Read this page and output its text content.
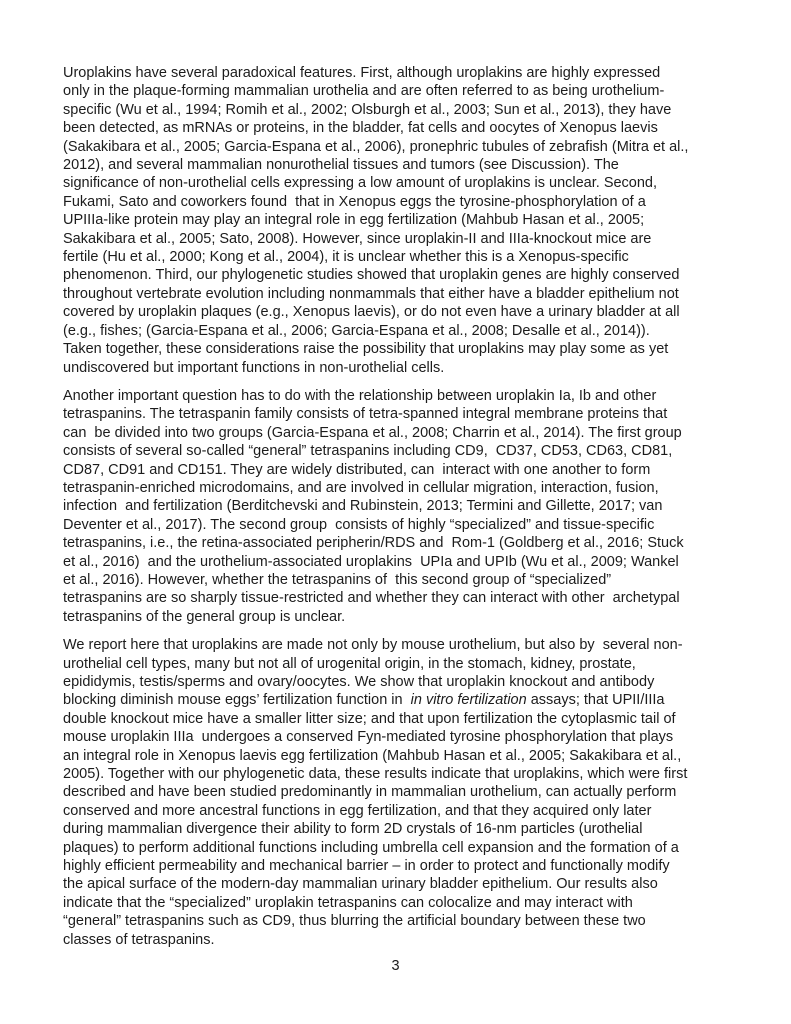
Uroplakins have several paradoxical features. First, although uroplakins are highly expressed
only in the plaque-forming mammalian urothelia and are often referred to as being urothelium-
specific (Wu et al., 1994; Romih et al., 2002; Olsburgh et al., 2003; Sun et al., 2013), they have
been detected, as mRNAs or proteins, in the bladder, fat cells and oocytes of Xenopus laevis
(Sakakibara et al., 2005; Garcia-Espana et al., 2006), pronephric tubules of zebrafish (Mitra et al.,
2012), and several mammalian nonurothelial tissues and tumors (see Discussion). The
significance of non-urothelial cells expressing a low amount of uroplakins is unclear. Second,
Fukami, Sato and coworkers found  that in Xenopus eggs the tyrosine-phosphorylation of a
UPIIIa-like protein may play an integral role in egg fertilization (Mahbub Hasan et al., 2005;
Sakakibara et al., 2005; Sato, 2008). However, since uroplakin-II and IIIa-knockout mice are
fertile (Hu et al., 2000; Kong et al., 2004), it is unclear whether this is a Xenopus-specific
phenomenon. Third, our phylogenetic studies showed that uroplakin genes are highly conserved
throughout vertebrate evolution including nonmammals that either have a bladder epithelium not
covered by uroplakin plaques (e.g., Xenopus laevis), or do not even have a urinary bladder at all
(e.g., fishes; (Garcia-Espana et al., 2006; Garcia-Espana et al., 2008; Desalle et al., 2014)).
Taken together, these considerations raise the possibility that uroplakins may play some as yet
undiscovered but important functions in non-urothelial cells.
Another important question has to do with the relationship between uroplakin Ia, Ib and other
tetraspanins. The tetraspanin family consists of tetra-spanned integral membrane proteins that
can  be divided into two groups (Garcia-Espana et al., 2008; Charrin et al., 2014). The first group
consists of several so-called “general” tetraspanins including CD9,  CD37, CD53, CD63, CD81,
CD87, CD91 and CD151. They are widely distributed, can  interact with one another to form
tetraspanin-enriched microdomains, and are involved in cellular migration, interaction, fusion,
infection  and fertilization (Berditchevski and Rubinstein, 2013; Termini and Gillette, 2017; van
Deventer et al., 2017). The second group  consists of highly “specialized” and tissue-specific
tetraspanins, i.e., the retina-associated peripherin/RDS and  Rom-1 (Goldberg et al., 2016; Stuck
et al., 2016)  and the urothelium-associated uroplakins  UPIa and UPIb (Wu et al., 2009; Wankel
et al., 2016). However, whether the tetraspanins of  this second group of “specialized”
tetraspanins are so sharply tissue-restricted and whether they can interact with other  archetypal
tetraspanins of the general group is unclear.
We report here that uroplakins are made not only by mouse urothelium, but also by  several non-
urothelial cell types, many but not all of urogenital origin, in the stomach, kidney, prostate,
epididymis, testis/sperms and ovary/oocytes. We show that uroplakin knockout and antibody
blocking diminish mouse eggs’ fertilization function in  in vitro fertilization assays; that UPII/IIIa
double knockout mice have a smaller litter size; and that upon fertilization the cytoplasmic tail of
mouse uroplakin IIIa  undergoes a conserved Fyn-mediated tyrosine phosphorylation that plays
an integral role in Xenopus laevis egg fertilization (Mahbub Hasan et al., 2005; Sakakibara et al.,
2005). Together with our phylogenetic data, these results indicate that uroplakins, which were first
described and have been studied predominantly in mammalian urothelium, can actually perform
conserved and more ancestral functions in egg fertilization, and that they acquired only later
during mammalian divergence their ability to form 2D crystals of 16-nm particles (urothelial
plaques) to perform additional functions including umbrella cell expansion and the formation of a
highly efficient permeability and mechanical barrier – in order to protect and functionally modify
the apical surface of the modern-day mammalian urinary bladder epithelium. Our results also
indicate that the “specialized” uroplakin tetraspanins can colocalize and may interact with
“general” tetraspanins such as CD9, thus blurring the artificial boundary between these two
classes of tetraspanins.
3
